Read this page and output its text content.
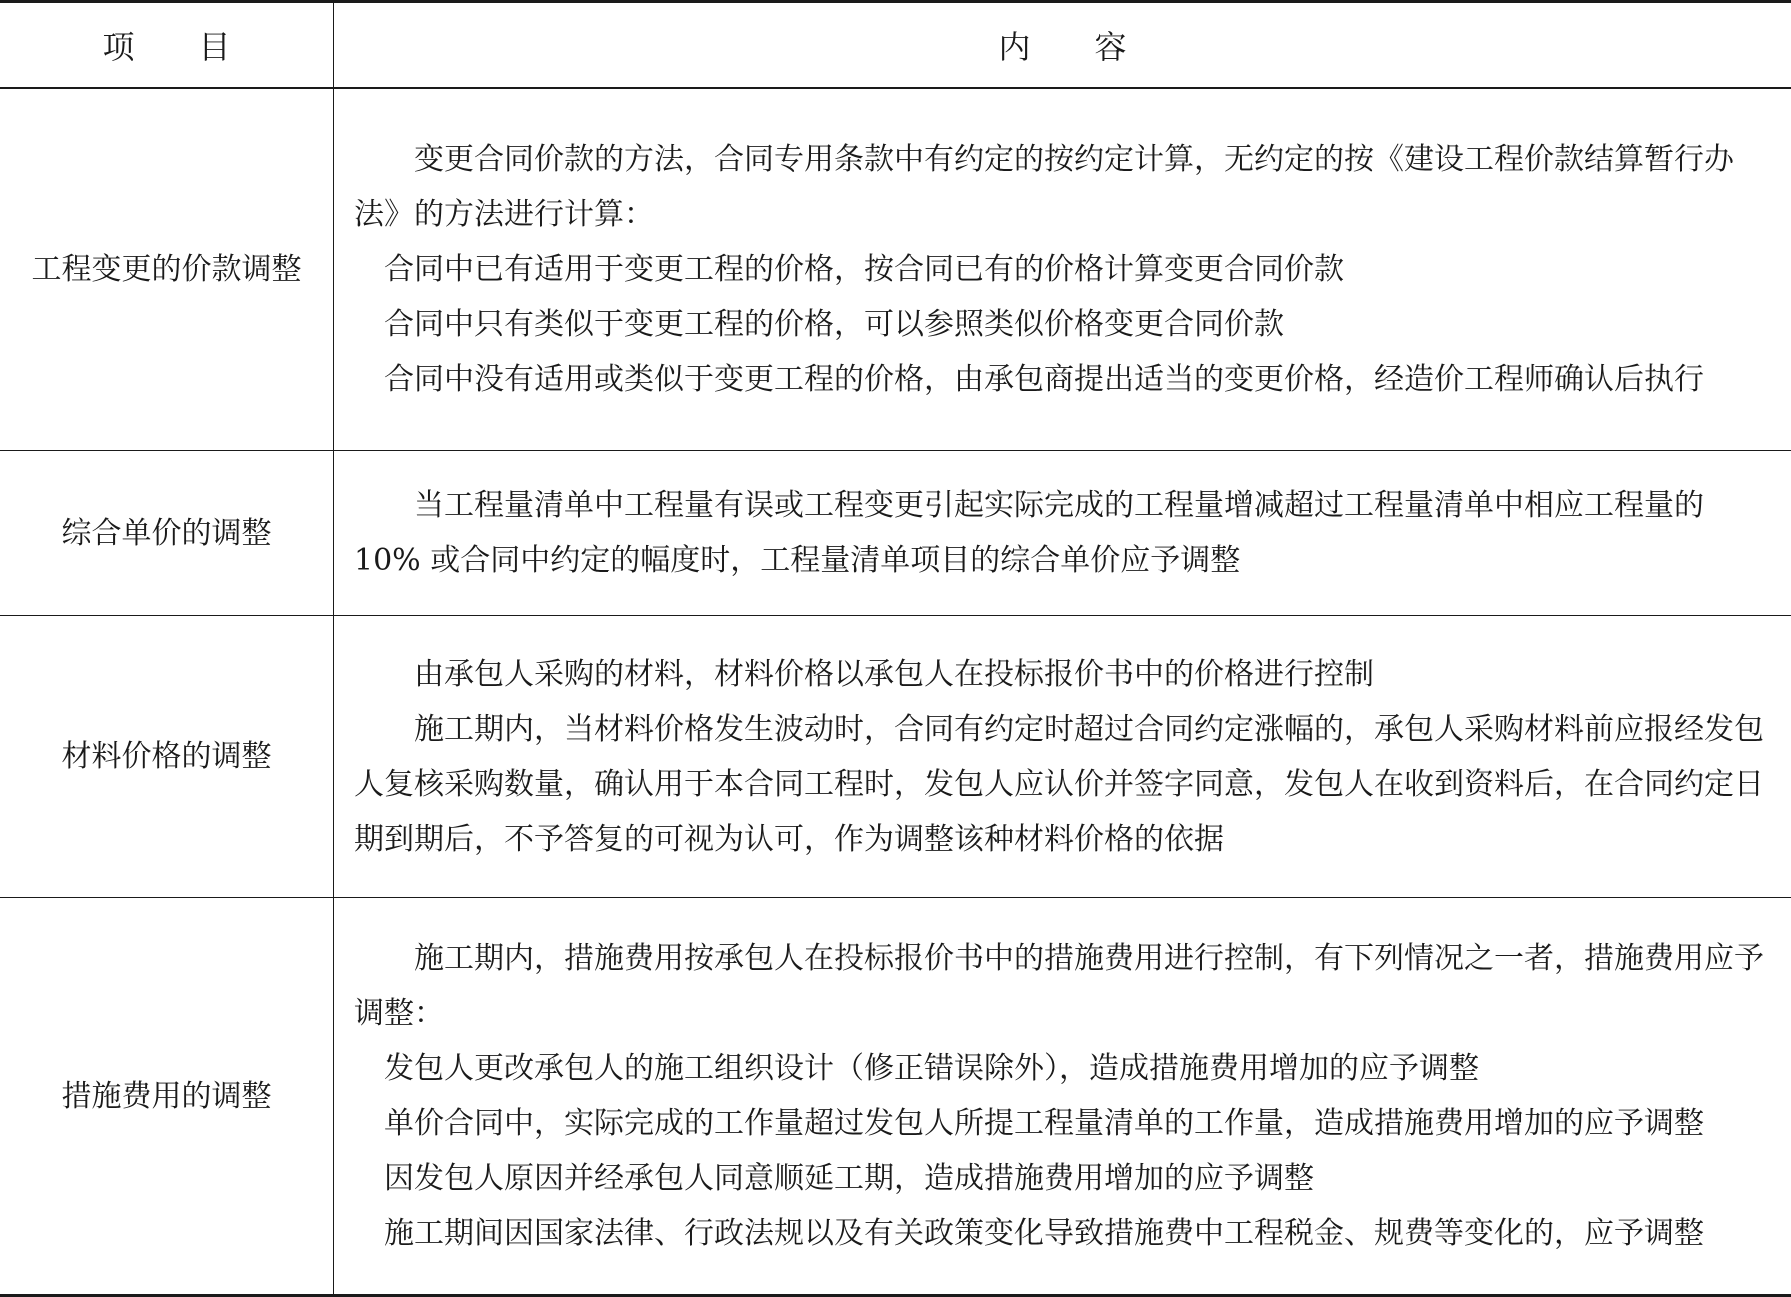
项　　目	内　　容
工程变更的价款调整	变更合同价款的方法，合同专用条款中有约定的按约定计算，无约定的按《建设工程价款结算暂行办法》的方法进行计算：

合同中已有适用于变更工程的价格，按合同已有的价格计算变更合同价款

合同中只有类似于变更工程的价格，可以参照类似价格变更合同价款

合同中没有适用或类似于变更工程的价格，由承包商提出适当的变更价格，经造价工程师确认后执行

综合单价的调整	当工程量清单中工程量有误或工程变更引起实际完成的工程量增减超过工程量清单中相应工程量的 10% 或合同中约定的幅度时，工程量清单项目的综合单价应予调整

材料价格的调整	由承包人采购的材料，材料价格以承包人在投标报价书中的价格进行控制

施工期内，当材料价格发生波动时，合同有约定时超过合同约定涨幅的，承包人采购材料前应报经发包人复核采购数量，确认用于本合同工程时，发包人应认价并签字同意，发包人在收到资料后，在合同约定日期到期后，不予答复的可视为认可，作为调整该种材料价格的依据

措施费用的调整	施工期内，措施费用按承包人在投标报价书中的措施费用进行控制，有下列情况之一者，措施费用应予调整：

发包人更改承包人的施工组织设计（修正错误除外），造成措施费用增加的应予调整

单价合同中，实际完成的工作量超过发包人所提工程量清单的工作量，造成措施费用增加的应予调整

因发包人原因并经承包人同意顺延工期，造成措施费用增加的应予调整

施工期间因国家法律、行政法规以及有关政策变化导致措施费中工程税金、规费等变化的，应予调整
